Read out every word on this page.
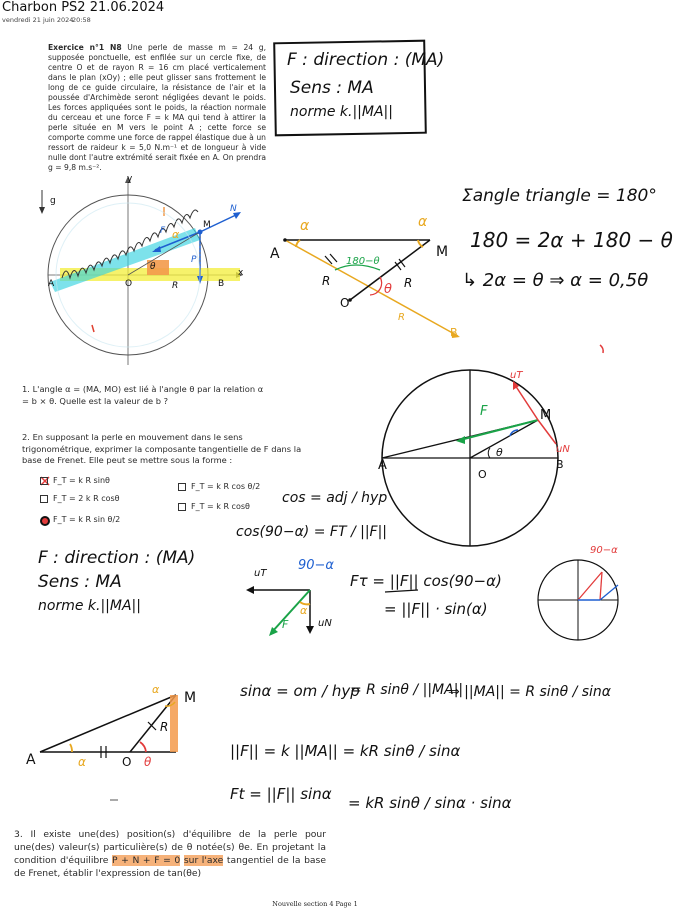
Charbon PS2 21.06.2024
vendredi 21 juin 2024
20:58
Exercice n°1 N8 Une perle de masse m = 24 g, supposée ponctuelle, est enfilée sur un cercle fixe, de centre O et de rayon R = 16 cm placé verticalement dans le plan (xOy) ; elle peut glisser sans frottement le long de ce guide circulaire, la résistance de l'air et la poussée d'Archimède seront négligées devant le poids. Les forces appliquées sont le poids, la réaction normale du cerceau et une force F = k MA qui tend à attirer la perle située en M vers le point A ; cette force se comporte comme une force de rappel élastique due à un ressort de raideur k = 5,0 N.m⁻¹ et de longueur à vide nulle dont l'autre extrémité serait fixée en A. On prendra g = 9,8 m.s⁻².
y
x
g
A	O	R	B
M
N
F
P
θ
α
F : direction : (MA)
Sens : MA
norme k.||MA||
Σangle triangle = 180°
180 = 2α + 180 − θ
↳ 2α = θ ⇒ α = 0,5θ
A	M
α	α
180−θ
θ
R	R
O
R
B
1. L'angle α = (MA, MO) est lié à l'angle θ par la relation α = b × θ. Quelle est la valeur de b ?
A
O
B
M
F
uT
uN
θ
2. En supposant la perle en mouvement dans le sens trigonométrique, exprimer la composante tangentielle de F dans la base de Frenet. Elle peut se mettre sous la forme :
F_T = k R sinθ
F_T = k R cos θ/2
F_T = 2 k R cosθ
F_T = k R cosθ
F_T = k R sin θ/2
cos = adj / hyp
cos(90−α) = FT / ||F||
F : direction : (MA)
Sens : MA
norme k.||MA||
uT
uN
90−α
α
F
Fτ = ||F|| cos(90−α)
= ||F|| · sin(α)
90−α
A	O
M
α	θ
R
α	sinα = om / hyp
= R sinθ / ||MA||
⇒ ||MA|| = R sinθ / sinα
||F|| = k ||MA|| = kR sinθ / sinα
Ft = ||F|| sinα = kR sinθ / sinα · sinα
3. Il existe une(des) position(s) d'équilibre de la perle pour une(des) valeur(s) particulière(s) de θ notée(s) θe. En projetant la condition d'équilibre P + N + F = 0 sur l'axe tangentiel de la base de Frenet, établir l'expression de tan(θe)
Nouvelle section 4 Page 1
